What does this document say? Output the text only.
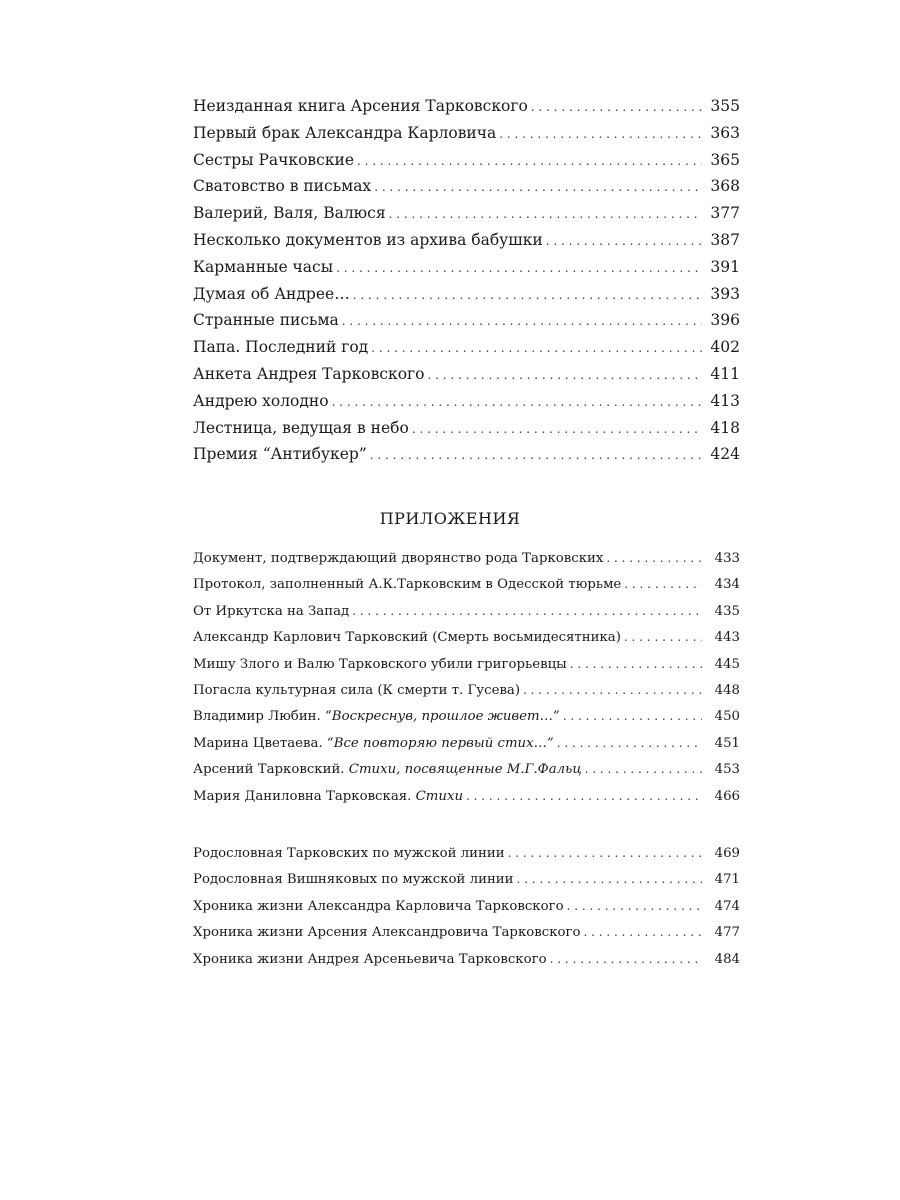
Неизданная книга Арсения Тарковского . . .	355
Первый брак Александра Карловича . . .	363
Сестры Рачковские . . .	365
Сватовство в письмах . . .	368
Валерий, Валя, Валюся . . .	377
Несколько документов из архива бабушки . . .	387
Карманные часы . . .	391
Думая об Андрее… . . .	393
Странные письма . . .	396
Папа. Последний год . . .	402
Анкета Андрея Тарковского . . .	411
Андрею холодно . . .	413
Лестница, ведущая в небо . . .	418
Премия “Антибукер” . . .	424
ПРИЛОЖЕНИЯ
Документ, подтверждающий дворянство рода Тарковских . . .	433
Протокол, заполненный А.К.Тарковским в Одесской тюрьме . . .	434
От Иркутска на Запад . . .	435
Александр Карлович Тарковский (Смерть восьмидесятника) . . .	443
Мишу Злого и Валю Тарковского убили григорьевцы . . .	445
Погасла культурная сила (К смерти т. Гусева) . . .	448
Владимир Любин. “Воскреснув, прошлое живет…” . . .	450
Марина Цветаева. “Все повторяю первый стих…” . . .	451
Арсений Тарковский. Стихи, посвященные М.Г.Фальц . . .	453
Мария Даниловна Тарковская. Стихи . . .	466
Родословная Тарковских по мужской линии . . .	469
Родословная Вишняковых по мужской линии . . .	471
Хроника жизни Александра Карловича Тарковского . . .	474
Хроника жизни Арсения Александровича Тарковского . . .	477
Хроника жизни Андрея Арсеньевича Тарковского . . .	484
